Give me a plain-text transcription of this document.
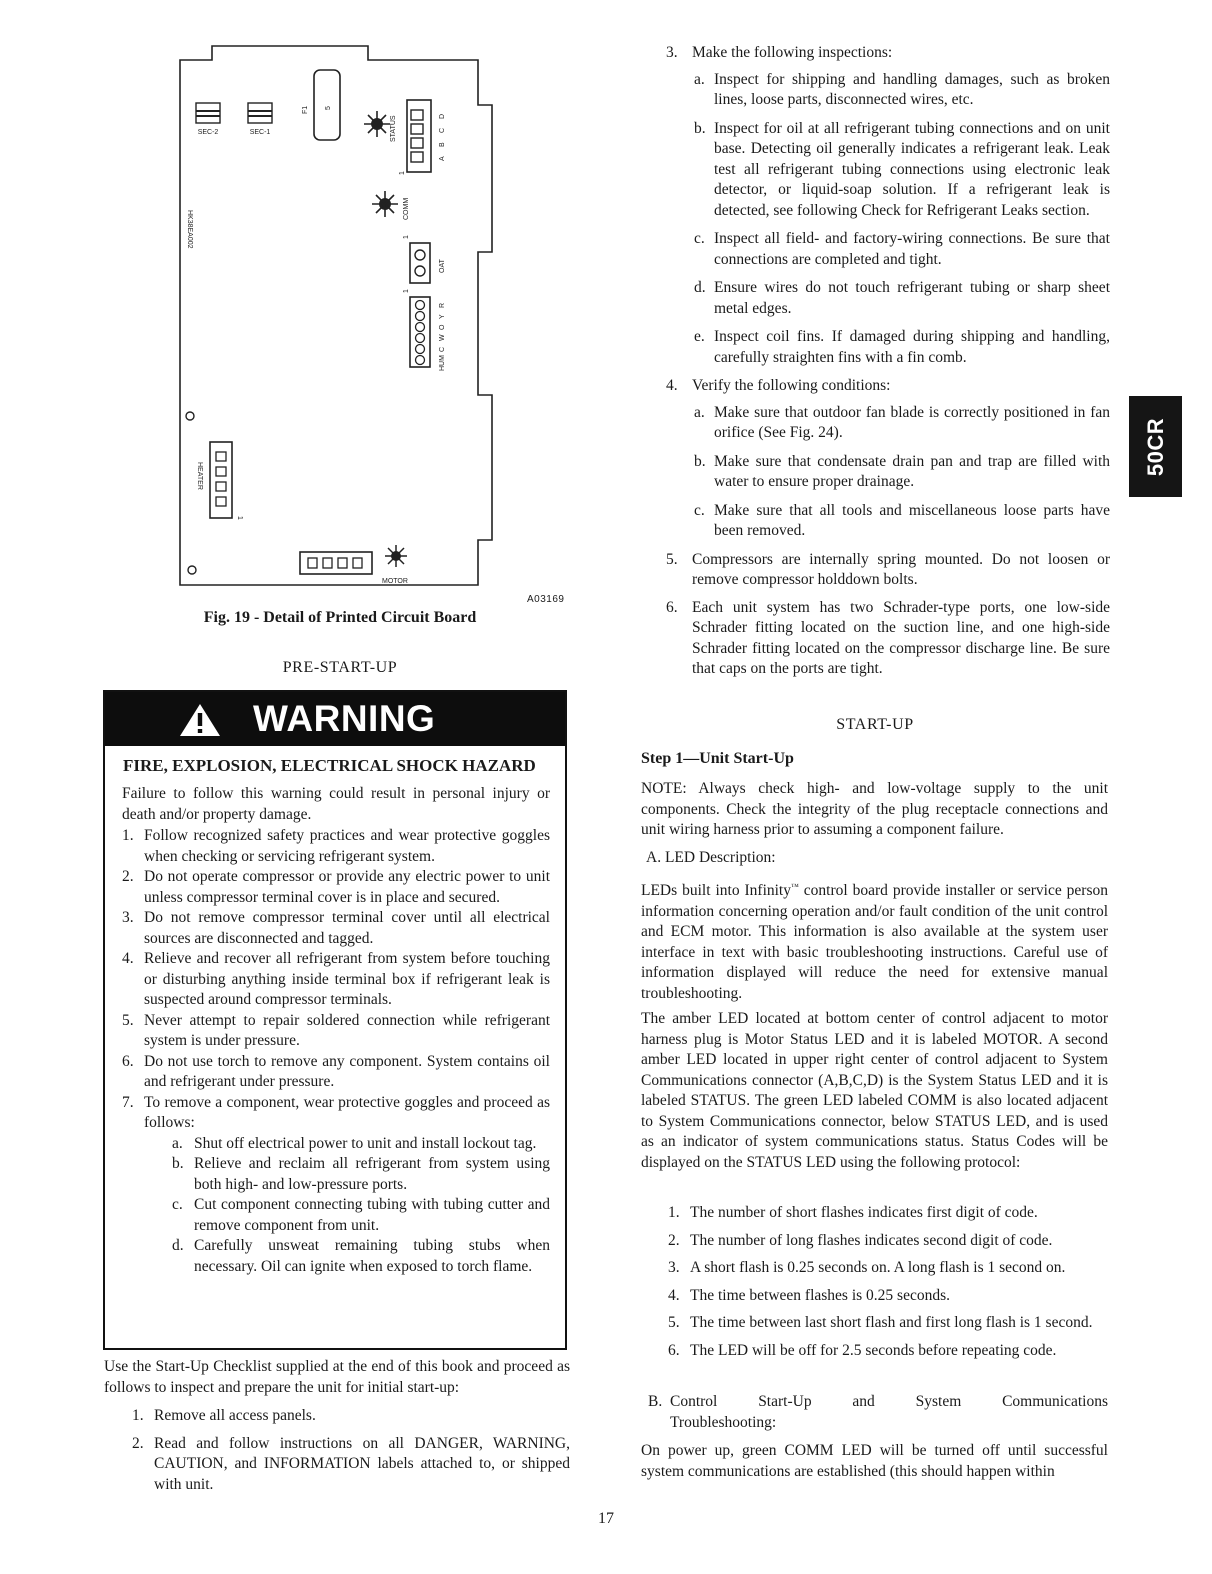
SEC-2	SEC-1
F1 5
STATUS	D
C
B
A
1
HK38EA002
COMM
OAT
1
R
Y
O
W
C
HUM
1
HEATER
1
MOTOR
A03169
Fig. 19 - Detail of Printed Circuit Board
PRE-START-UP
WARNING
FIRE, EXPLOSION, ELECTRICAL SHOCK HAZARD

Failure to follow this warning could result in personal injury or death and/or property damage.

1. Follow recognized safety practices and wear protective goggles when checking or servicing refrigerant system.
2. Do not operate compressor or provide any electric power to unit unless compressor terminal cover is in place and secured.
3. Do not remove compressor terminal cover until all electrical sources are disconnected and tagged.
4. Relieve and recover all refrigerant from system before touching or disturbing anything inside terminal box if refrigerant leak is suspected around compressor terminals.
5. Never attempt to repair soldered connection while refrigerant system is under pressure.
6. Do not use torch to remove any component. System contains oil and refrigerant under pressure.
7. To remove a component, wear protective goggles and proceed as follows:
a. Shut off electrical power to unit and install lockout tag.
b. Relieve and reclaim all refrigerant from system using both high- and low-pressure ports.
c. Cut component connecting tubing with tubing cutter and remove component from unit.
d. Carefully unsweat remaining tubing stubs when necessary. Oil can ignite when exposed to torch flame.

Use the Start-Up Checklist supplied at the end of this book and proceed as follows to inspect and prepare the unit for initial start-up:

1. Remove all access panels.
2. Read and follow instructions on all DANGER, WARNING, CAUTION, and INFORMATION labels attached to, or shipped with unit.
3. Make the following inspections:
a. Inspect for shipping and handling damages, such as broken lines, loose parts, disconnected wires, etc.
b. Inspect for oil at all refrigerant tubing connections and on unit base. Detecting oil generally indicates a refrigerant leak. Leak test all refrigerant tubing connections using electronic leak detector, or liquid-soap solution. If a refrigerant leak is detected, see following Check for Refrigerant Leaks section.
c. Inspect all field- and factory-wiring connections. Be sure that connections are completed and tight.
d. Ensure wires do not touch refrigerant tubing or sharp sheet metal edges.
e. Inspect coil fins. If damaged during shipping and handling, carefully straighten fins with a fin comb.
4. Verify the following conditions:
a. Make sure that outdoor fan blade is correctly positioned in fan orifice (See Fig. 24).
b. Make sure that condensate drain pan and trap are filled with water to ensure proper drainage.
c. Make sure that all tools and miscellaneous loose parts have been removed.
5. Compressors are internally spring mounted. Do not loosen or remove compressor holddown bolts.
6. Each unit system has two Schrader-type ports, one low-side Schrader fitting located on the suction line, and one high-side Schrader fitting located on the compressor discharge line. Be sure that caps on the ports are tight.
START-UP
Step 1—Unit Start-Up

NOTE: Always check high- and low-voltage supply to the unit components. Check the integrity of the plug receptacle connections and unit wiring harness prior to assuming a component failure.

A. LED Description:

LEDs built into Infinity™ control board provide installer or service person information concerning operation and/or fault condition of the unit control and ECM motor. This information is also available at the system user interface in text with basic troubleshooting instructions. Careful use of information displayed will reduce the need for extensive manual troubleshooting.

The amber LED located at bottom center of control adjacent to motor harness plug is Motor Status LED and it is labeled MOTOR. A second amber LED located in upper right center of control adjacent to System Communications connector (A,B,C,D) is the System Status LED and it is labeled STATUS. The green LED labeled COMM is also located adjacent to System Communications connector, below STATUS LED, and is used as an indicator of system communications status. Status Codes will be displayed on the STATUS LED using the following protocol:

1. The number of short flashes indicates first digit of code.
2. The number of long flashes indicates second digit of code.
3. A short flash is 0.25 seconds on. A long flash is 1 second on.
4. The time between flashes is 0.25 seconds.
5. The time between last short flash and first long flash is 1 second.
6. The LED will be off for 2.5 seconds before repeating code.
B. Control Start-Up and System Communications
Troubleshooting:

On power up, green COMM LED will be turned off until successful system communications are established (this should happen within

50CR
17
